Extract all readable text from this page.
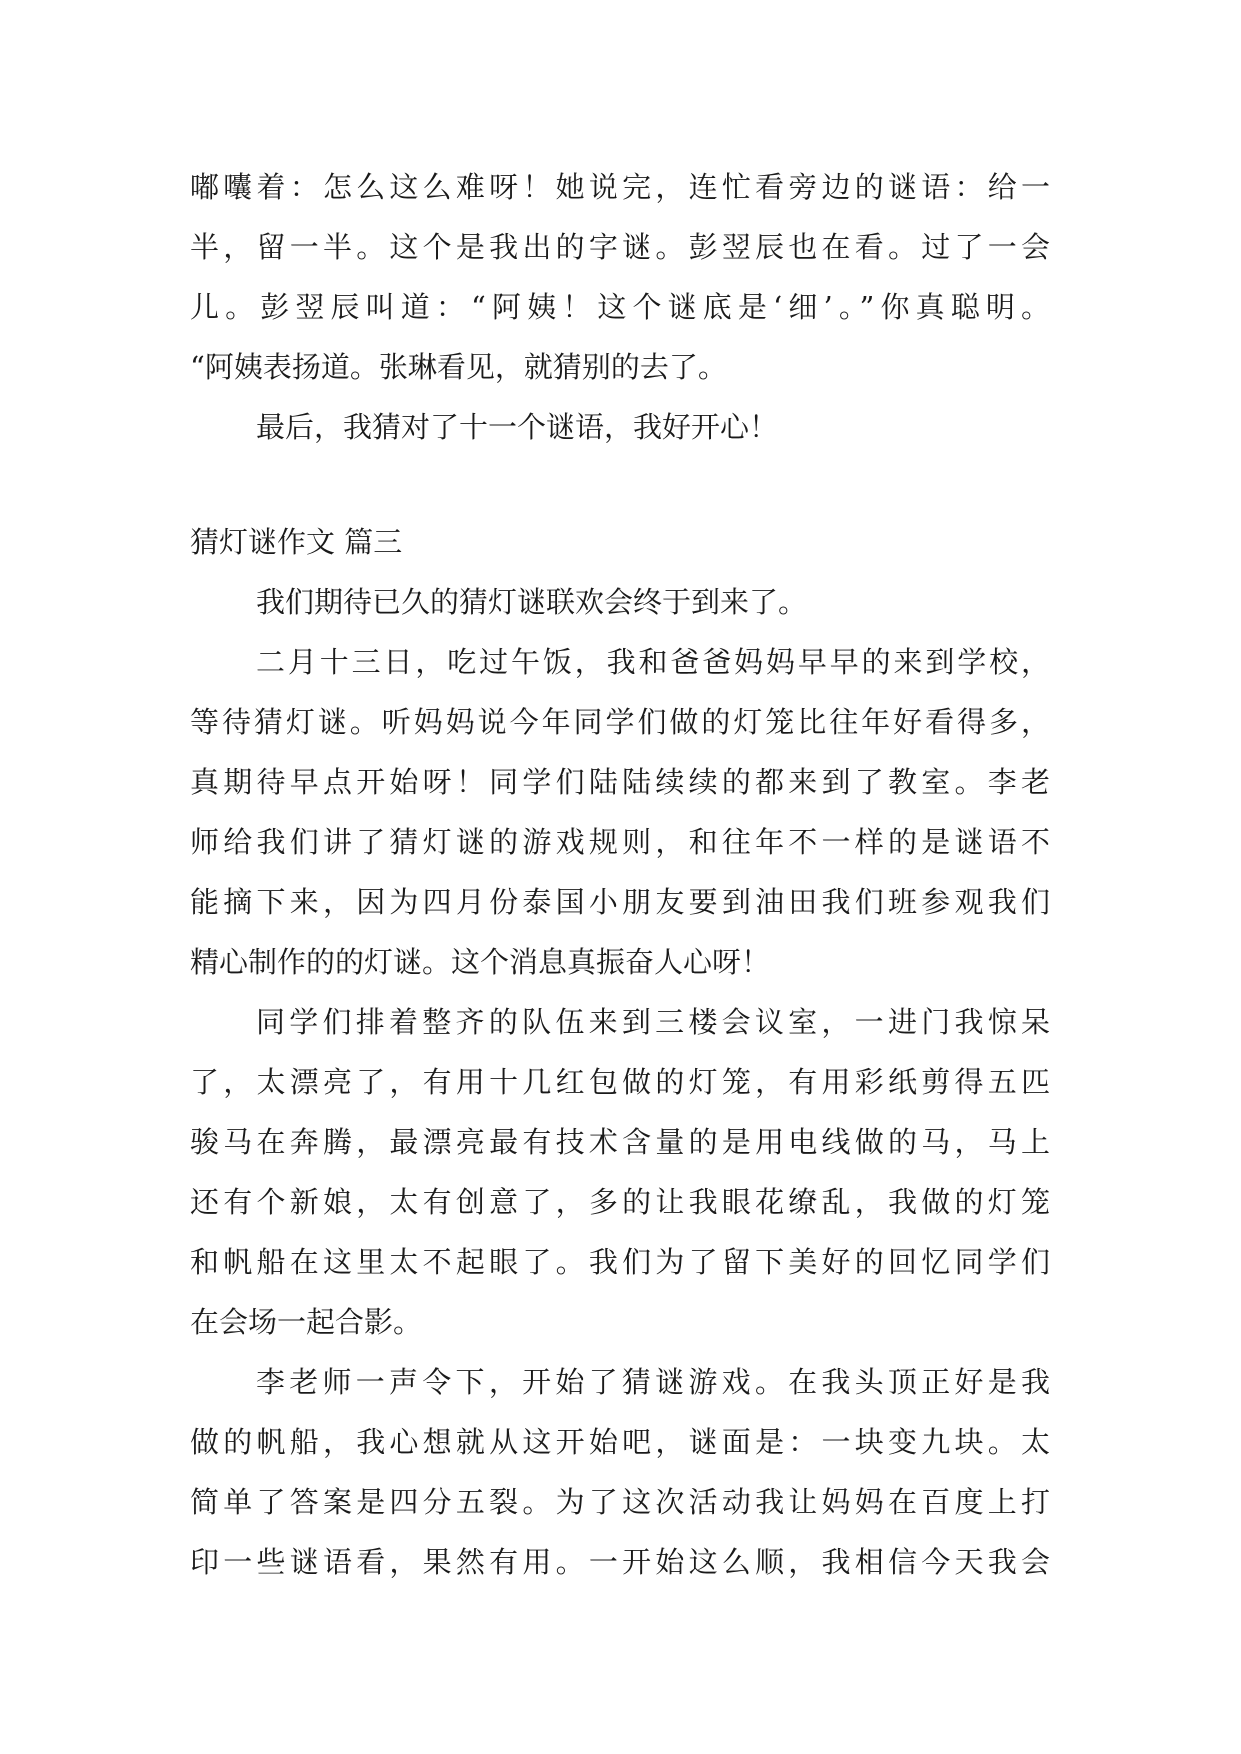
嘟囔着：怎么这么难呀！她说完，连忙看旁边的谜语：给一
半，留一半。这个是我出的字谜。彭翌辰也在看。过了一会
儿。彭翌辰叫道：“阿姨！这个谜底是‘细’。”你真聪明。
“阿姨表扬道。张琳看见，就猜别的去了。
最后，我猜对了十一个谜语，我好开心！
猜灯谜作文 篇三
我们期待已久的猜灯谜联欢会终于到来了。
二月十三日，吃过午饭，我和爸爸妈妈早早的来到学校，
等待猜灯谜。听妈妈说今年同学们做的灯笼比往年好看得多，
真期待早点开始呀！同学们陆陆续续的都来到了教室。李老
师给我们讲了猜灯谜的游戏规则，和往年不一样的是谜语不
能摘下来，因为四月份泰国小朋友要到油田我们班参观我们
精心制作的的灯谜。这个消息真振奋人心呀！
同学们排着整齐的队伍来到三楼会议室，一进门我惊呆
了，太漂亮了，有用十几红包做的灯笼，有用彩纸剪得五匹
骏马在奔腾，最漂亮最有技术含量的是用电线做的马，马上
还有个新娘，太有创意了，多的让我眼花缭乱，我做的灯笼
和帆船在这里太不起眼了。我们为了留下美好的回忆同学们
在会场一起合影。
李老师一声令下，开始了猜谜游戏。在我头顶正好是我
做的帆船，我心想就从这开始吧，谜面是：一块变九块。太
简单了答案是四分五裂。为了这次活动我让妈妈在百度上打
印一些谜语看，果然有用。一开始这么顺，我相信今天我会
